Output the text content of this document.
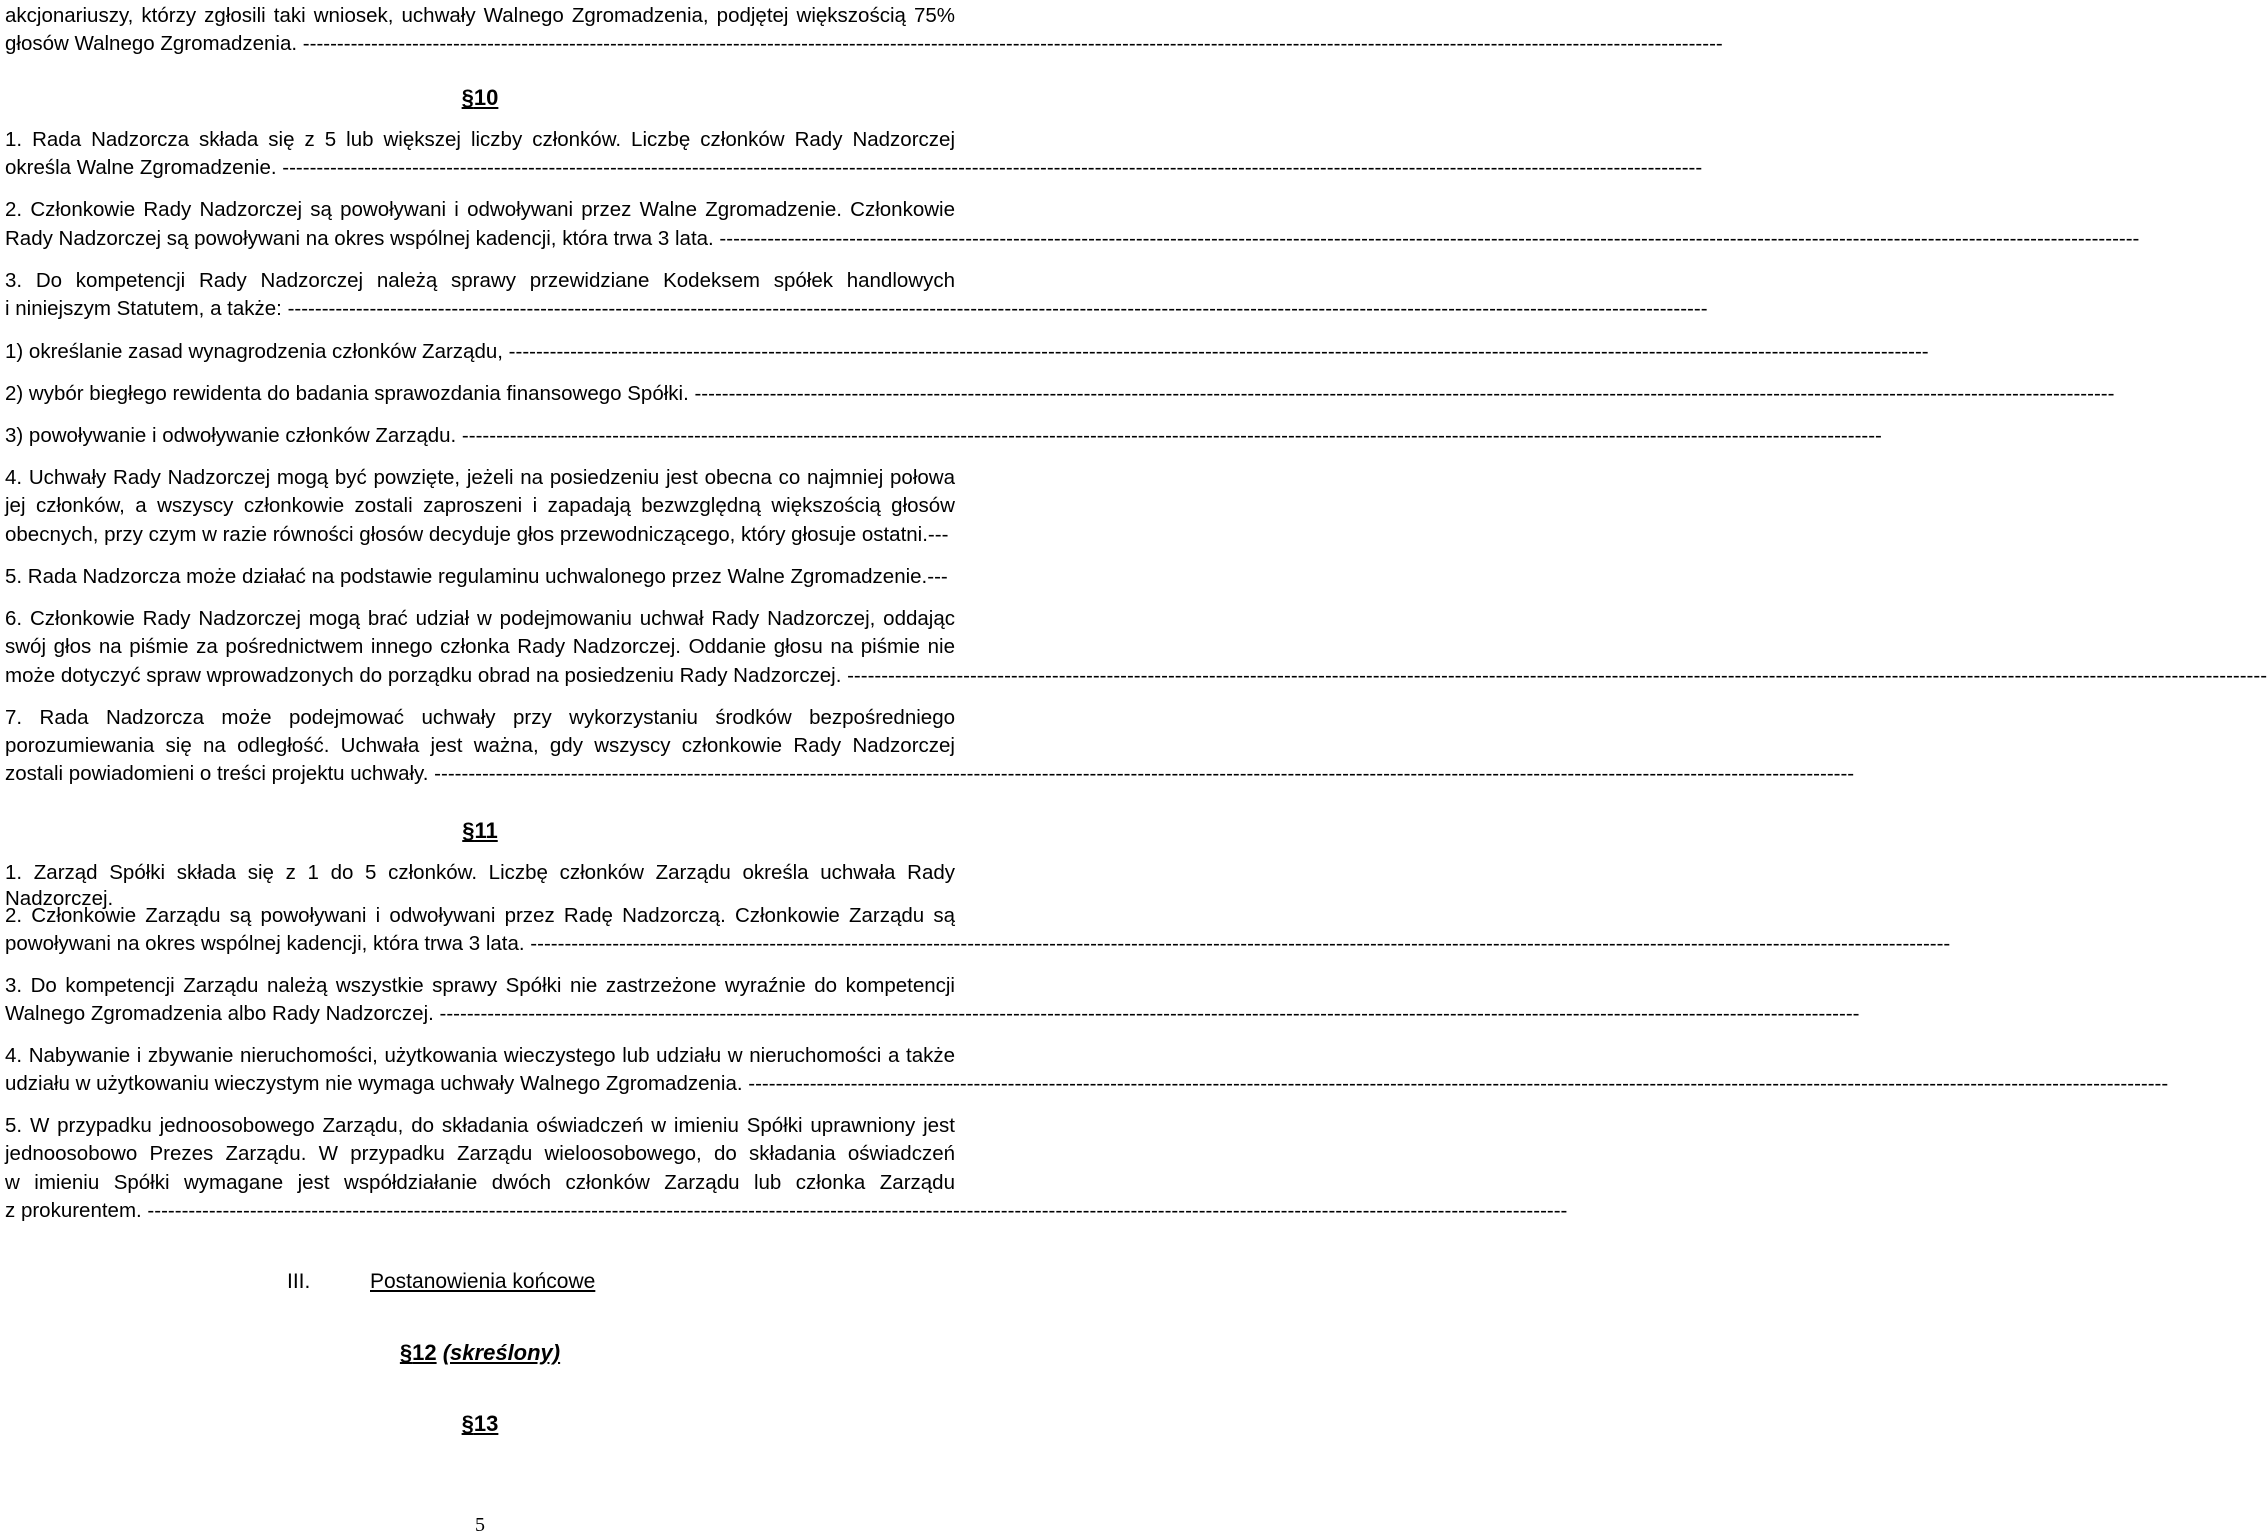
akcjonariuszy, którzy zgłosili taki wniosek, uchwały Walnego Zgromadzenia, podjętej większością 75%

głosów Walnego Zgromadzenia. -----

§10

1. Rada Nadzorcza składa się z 5 lub większej liczby członków. Liczbę członków Rady Nadzorczej

określa Walne Zgromadzenie. -----

2. Członkowie Rady Nadzorczej są powoływani i odwoływani przez Walne Zgromadzenie. Członkowie

Rady Nadzorczej są powoływani na okres wspólnej kadencji, która trwa 3 lata. -----

3. Do kompetencji Rady Nadzorczej należą sprawy przewidziane Kodeksem spółek handlowych

i niniejszym Statutem, a także: -----

1) określanie zasad wynagrodzenia członków Zarządu, -----

2) wybór biegłego rewidenta do badania sprawozdania finansowego Spółki. -----

3) powoływanie i odwoływanie członków Zarządu. -----

4. Uchwały Rady Nadzorczej mogą być powzięte, jeżeli na posiedzeniu jest obecna co najmniej połowa

jej członków, a wszyscy członkowie zostali zaproszeni i zapadają bezwzględną większością głosów

obecnych, przy czym w razie równości głosów decyduje głos przewodniczącego, który głosuje ostatni.---

5. Rada Nadzorcza może działać na podstawie regulaminu uchwalonego przez Walne Zgromadzenie.---

6. Członkowie Rady Nadzorczej mogą brać udział w podejmowaniu uchwał Rady Nadzorczej, oddając

swój głos na piśmie za pośrednictwem innego członka Rady Nadzorczej. Oddanie głosu na piśmie nie

może dotyczyć spraw wprowadzonych do porządku obrad na posiedzeniu Rady Nadzorczej. -----

7. Rada Nadzorcza może podejmować uchwały przy wykorzystaniu środków bezpośredniego

porozumiewania się na odległość. Uchwała jest ważna, gdy wszyscy członkowie Rady Nadzorczej

zostali powiadomieni o treści projektu uchwały. -----

§11

1. Zarząd Spółki składa się z 1 do 5 członków. Liczbę członków Zarządu określa uchwała Rady Nadzorczej.

2. Członkowie Zarządu są powoływani i odwoływani przez Radę Nadzorczą. Członkowie Zarządu są

powoływani na okres wspólnej kadencji, która trwa 3 lata. -----

3. Do kompetencji Zarządu należą wszystkie sprawy Spółki nie zastrzeżone wyraźnie do kompetencji

Walnego Zgromadzenia albo Rady Nadzorczej. -----

4. Nabywanie i zbywanie nieruchomości, użytkowania wieczystego lub udziału w nieruchomości a także

udziału w użytkowaniu wieczystym nie wymaga uchwały Walnego Zgromadzenia. -----

5. W przypadku jednoosobowego Zarządu, do składania oświadczeń w imieniu Spółki uprawniony jest

jednoosobowo Prezes Zarządu. W przypadku Zarządu wieloosobowego, do składania oświadczeń

w imieniu Spółki wymagane jest współdziałanie dwóch członków Zarządu lub członka Zarządu

z prokurentem. -----

III.	Postanowienia końcowe

§12 (skreślony)

§13

5
